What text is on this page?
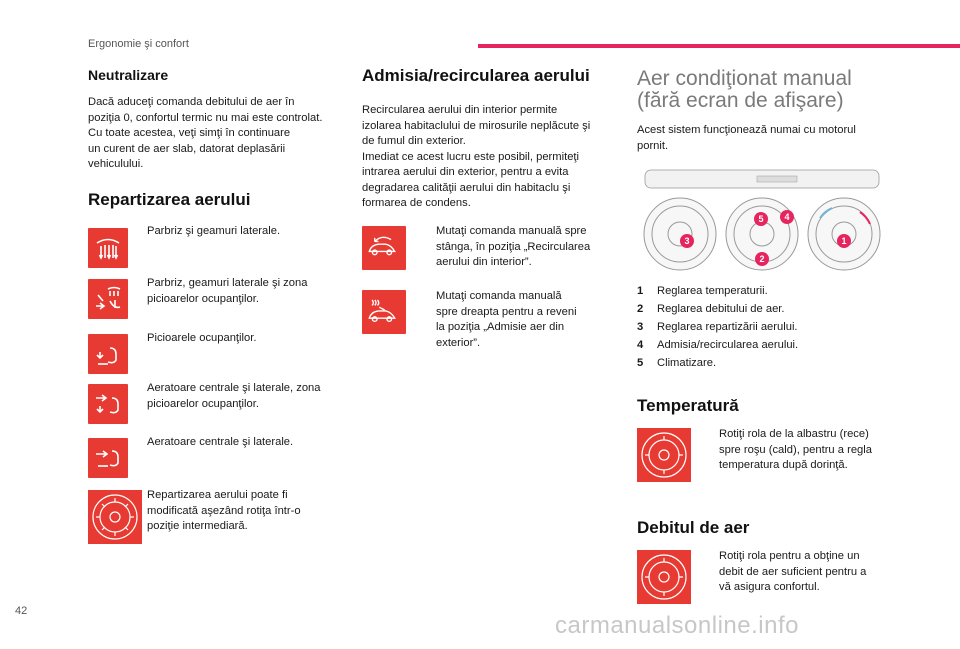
Ergonomie şi confort
Neutralizare
Dacă aduceţi comanda debitului de aer în
poziţia 0, confortul termic nu mai este controlat.
Cu toate acestea, veţi simţi în continuare
un curent de aer slab, datorat deplasării
vehiculului.
Repartizarea aerului
Parbriz şi geamuri laterale.
Parbriz, geamuri laterale şi zona
picioarelor ocupanţilor.
Picioarele ocupanţilor.
Aeratoare centrale şi laterale, zona
picioarelor ocupanţilor.
Aeratoare centrale şi laterale.
Repartizarea aerului poate fi
modificată aşezând rotiţa într-o
poziţie intermediară.
Admisia/recircularea aerului
Recircularea aerului din interior permite
izolarea habitaclului de mirosurile neplăcute şi
de fumul din exterior.
Imediat ce acest lucru este posibil, permiteţi
intrarea aerului din exterior, pentru a evita
degradarea calităţii aerului din habitaclu şi
formarea de condens.
Mutaţi comanda manuală spre
stânga, în poziţia „Recircularea
aerului din interior”.
Mutaţi comanda manuală
spre dreapta pentru a reveni
la poziţia „Admisie aer din
exterior”.
Aer condiţionat manual
(fără ecran de afişare)
Acest sistem funcţionează numai cu motorul
pornit.
4
5
3	1
2
1 Reglarea temperaturii.
2 Reglarea debitului de aer.
3 Reglarea repartizării aerului.
4 Admisia/recircularea aerului.
5 Climatizare.
Temperatură
Rotiţi rola de la albastru (rece)
spre roşu (cald), pentru a regla
temperatura după dorinţă.
Debitul de aer
Rotiţi rola pentru a obţine un
debit de aer suficient pentru a
vă asigura confortul.
42
carmanualsonline.info
